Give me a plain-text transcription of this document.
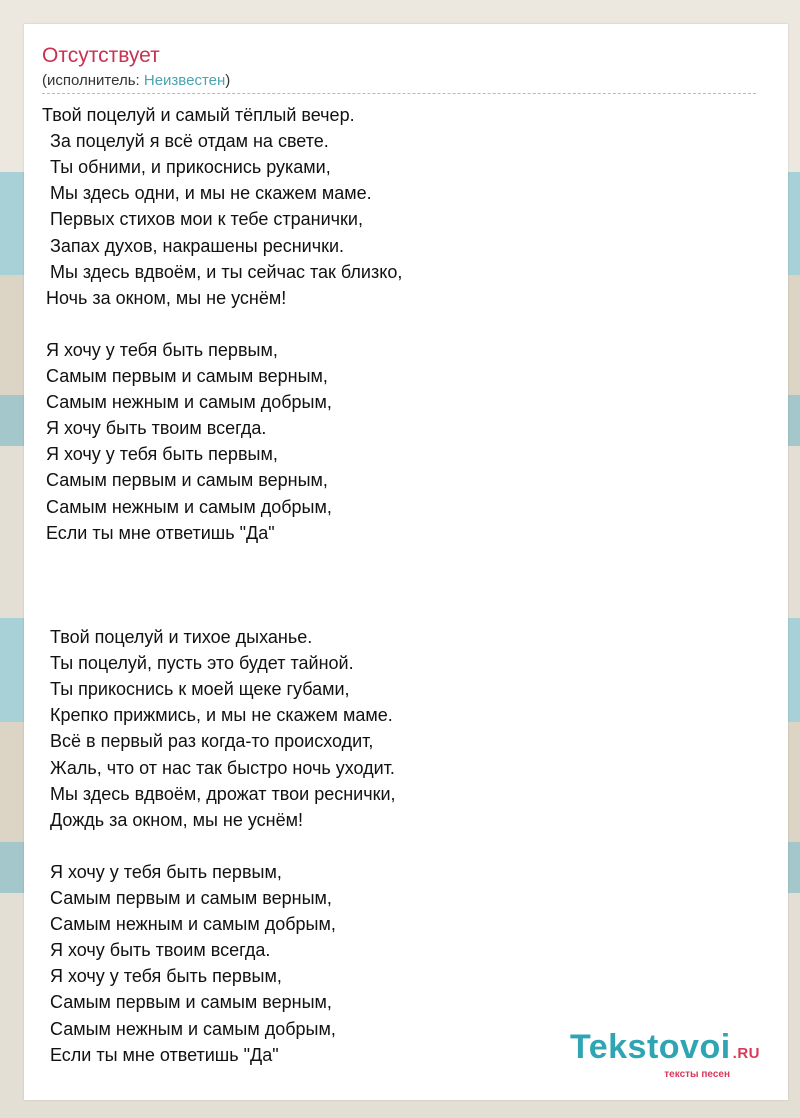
Отсутствует
(исполнитель: Неизвестен)
Твой поцелуй и самый тёплый вечер.
За поцелуй я всё отдам на свете.
Ты обними, и прикоснись руками,
Мы здесь одни, и мы не скажем маме.
Первых стихов мои к тебе странички,
Запах духов, накрашены реснички.
Мы здесь вдвоём, и ты сейчас так близко,
Ночь за окном, мы не уснём!
Я хочу у тебя быть первым,
Самым первым и самым верным,
Самым нежным и самым добрым,
Я хочу быть твоим всегда.
Я хочу у тебя быть первым,
Самым первым и самым верным,
Самым нежным и самым добрым,
Если ты мне ответишь "Да"
Твой поцелуй и тихое дыханье.
Ты поцелуй, пусть это будет тайной.
Ты прикоснись к моей щеке губами,
Крепко прижмись, и мы не скажем маме.
Всё в первый раз когда-то происходит,
Жаль, что от нас так быстро ночь уходит.
Мы здесь вдвоём, дрожат твои реснички,
Дождь за окном, мы не уснём!
Я хочу у тебя быть первым,
Самым первым и самым верным,
Самым нежным и самым добрым,
Я хочу быть твоим всегда.
Я хочу у тебя быть первым,
Самым первым и самым верным,
Самым нежным и самым добрым,
Если ты мне ответишь "Да"	Tekstovoi .RU
тексты песен
